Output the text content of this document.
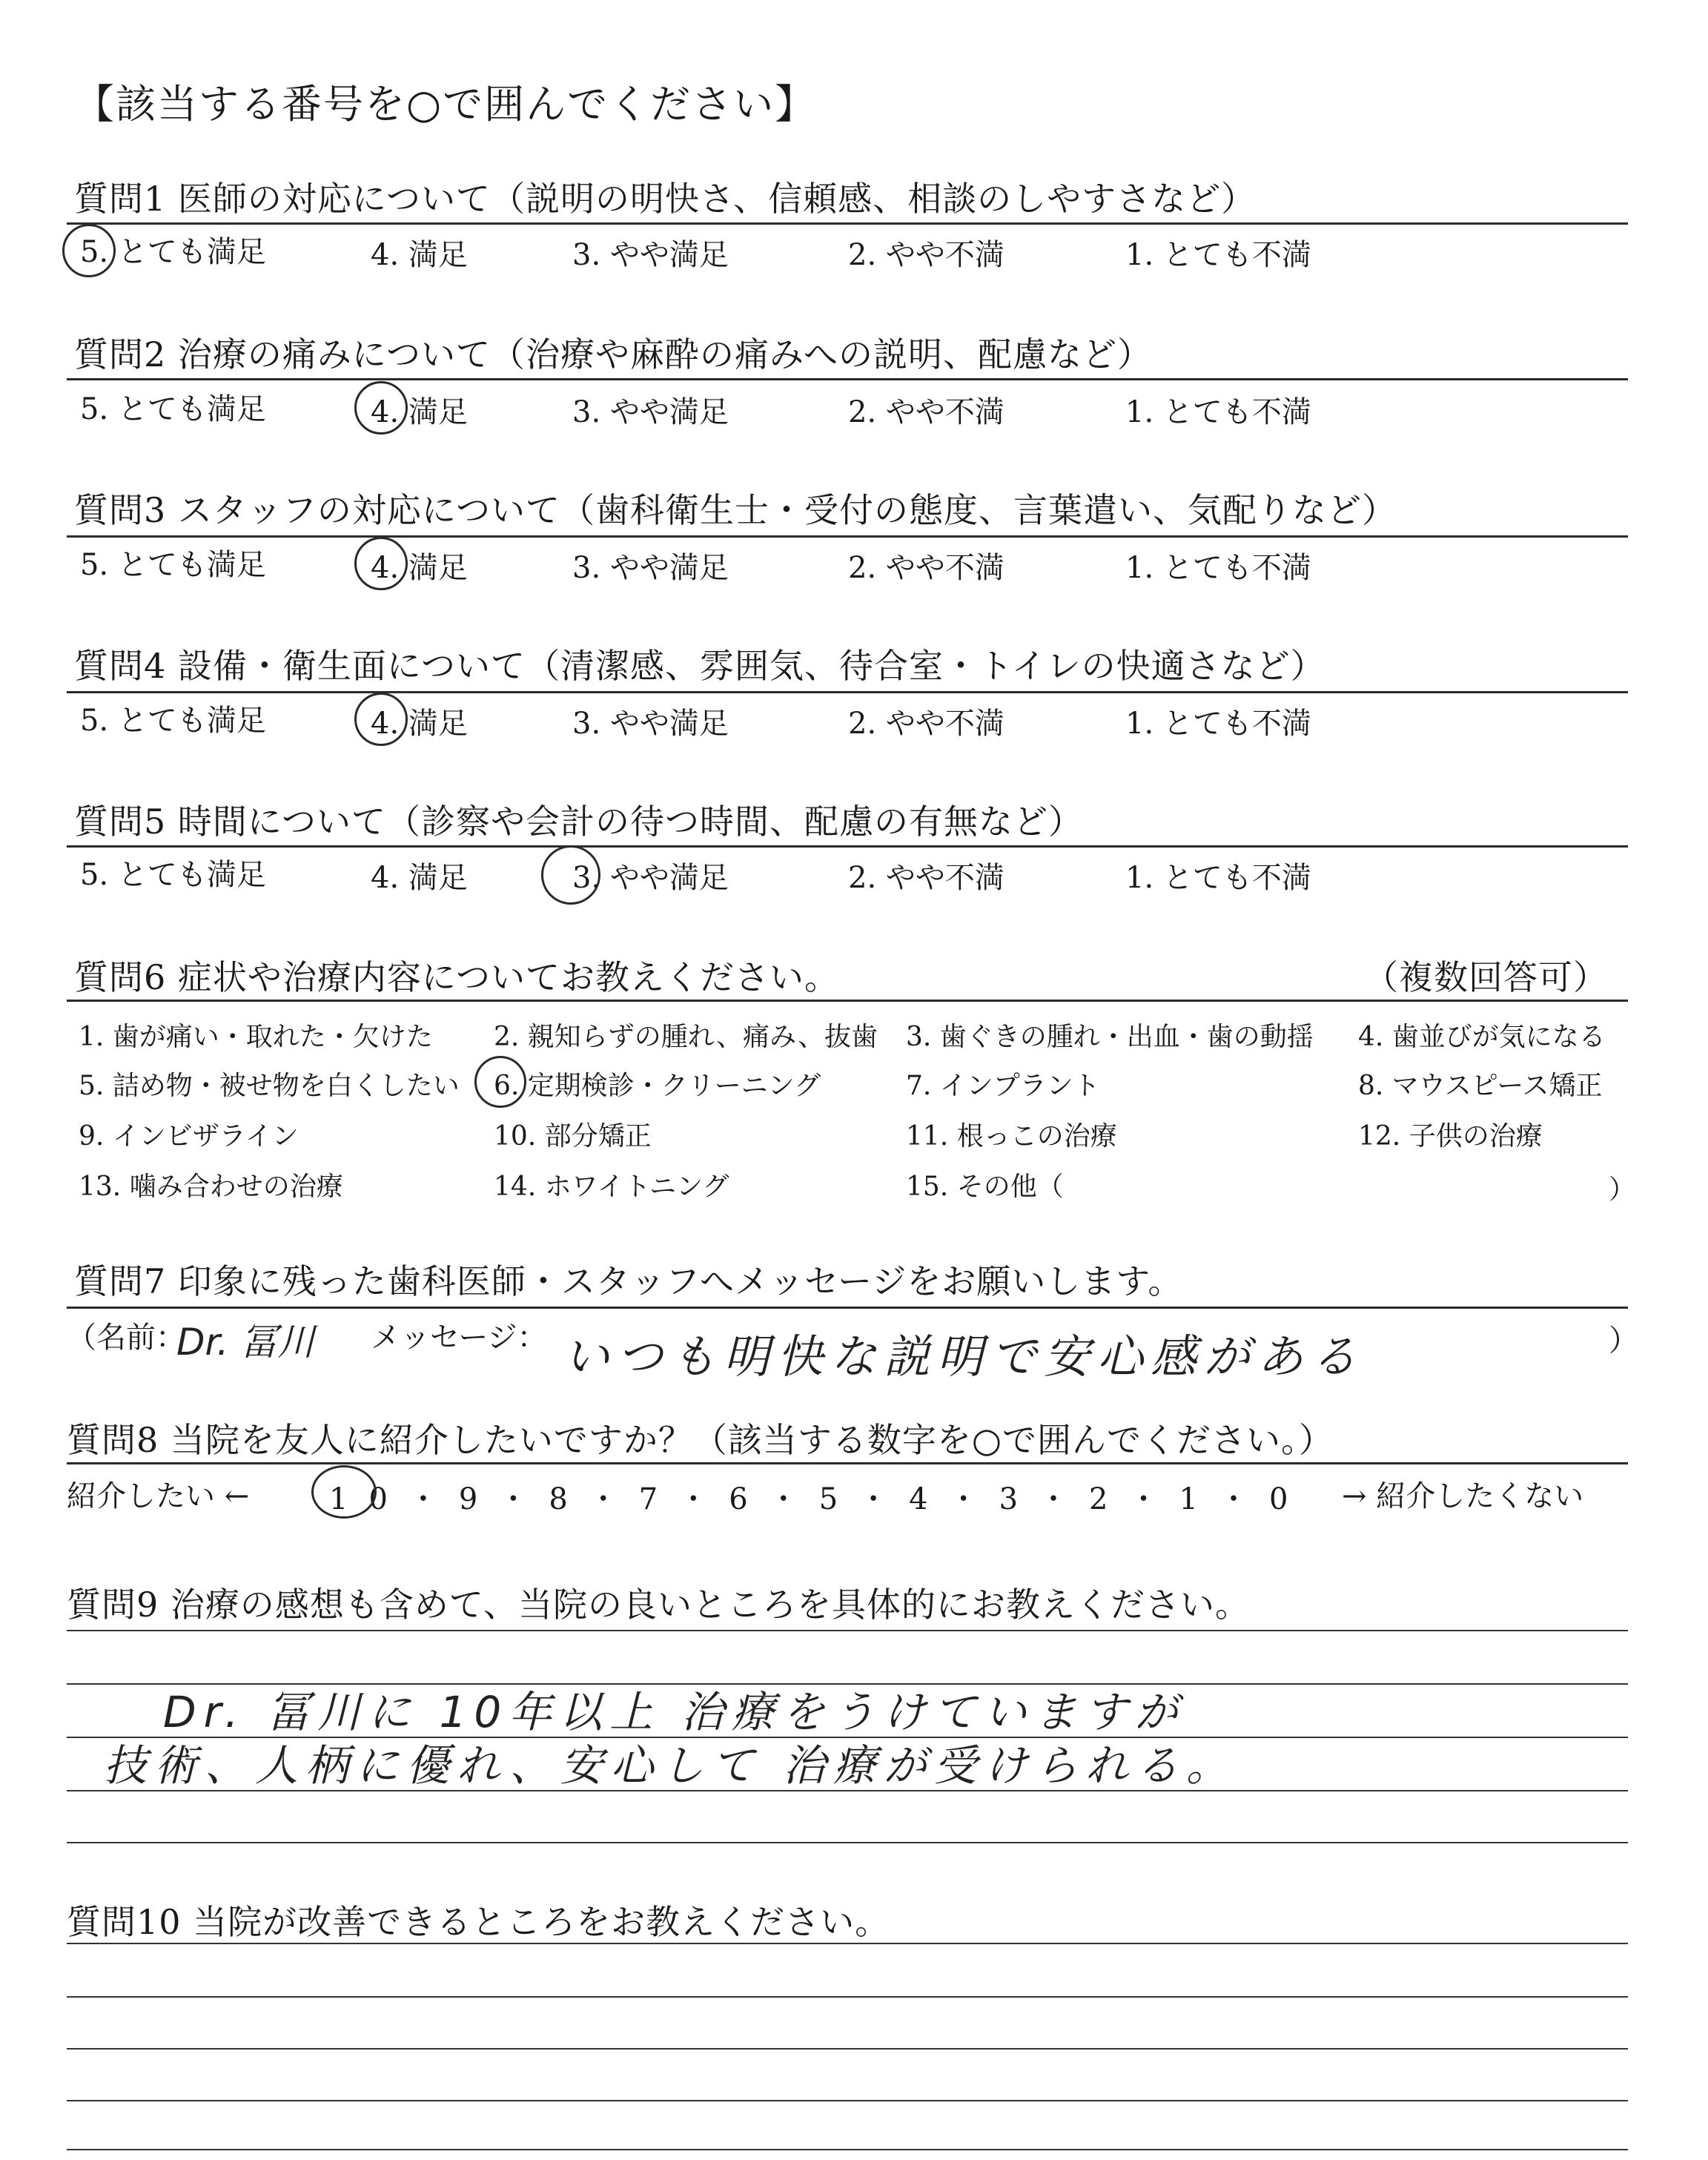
【該当する番号を○で囲んでください】
質問1 医師の対応について（説明の明快さ、信頼感、相談のしやすさなど）
5. とても満足	4. 満足	3. やや満足	2. やや不満	1. とても不満
質問2 治療の痛みについて（治療や麻酔の痛みへの説明、配慮など）
5. とても満足	4. 満足	3. やや満足	2. やや不満	1. とても不満
質問3 スタッフの対応について（歯科衛生士・受付の態度、言葉遣い、気配りなど）
5. とても満足	4. 満足	3. やや満足	2. やや不満	1. とても不満
質問4 設備・衛生面について（清潔感、雰囲気、待合室・トイレの快適さなど）
5. とても満足	4. 満足	3. やや満足	2. やや不満	1. とても不満
質問5 時間について（診察や会計の待つ時間、配慮の有無など）
5. とても満足	4. 満足	3. やや満足	2. やや不満	1. とても不満
質問6 症状や治療内容についてお教えください。	（複数回答可）
1. 歯が痛い・取れた・欠けた 2. 親知らずの腫れ、痛み、抜歯 3. 歯ぐきの腫れ・出血・歯の動揺 4. 歯並びが気になる
5. 詰め物・被せ物を白くしたい 6. 定期検診・クリーニング	7. インプラント	8. マウスピース矯正
9. インビザライン	10. 部分矯正	11. 根っこの治療	12. 子供の治療
13. 噛み合わせの治療	14. ホワイトニング	15. その他（	）
質問7 印象に残った歯科医師・スタッフへメッセージをお願いします。
（名前：
Dr. 冨川 メッセージ： いつも明快な説明で安心感がある	）
質問8 当院を友人に紹介したいですか？（該当する数字を○で囲んでください。）
紹介したい ←	10・9・8・7・6・5・4・3・2・1・0 → 紹介したくない
質問9 治療の感想も含めて、当院の良いところを具体的にお教えください。
Dr. 冨川に 10年以上 治療をうけていますが
技術、人柄に優れ、安心して 治療が受けられる。
質問10 当院が改善できるところをお教えください。
